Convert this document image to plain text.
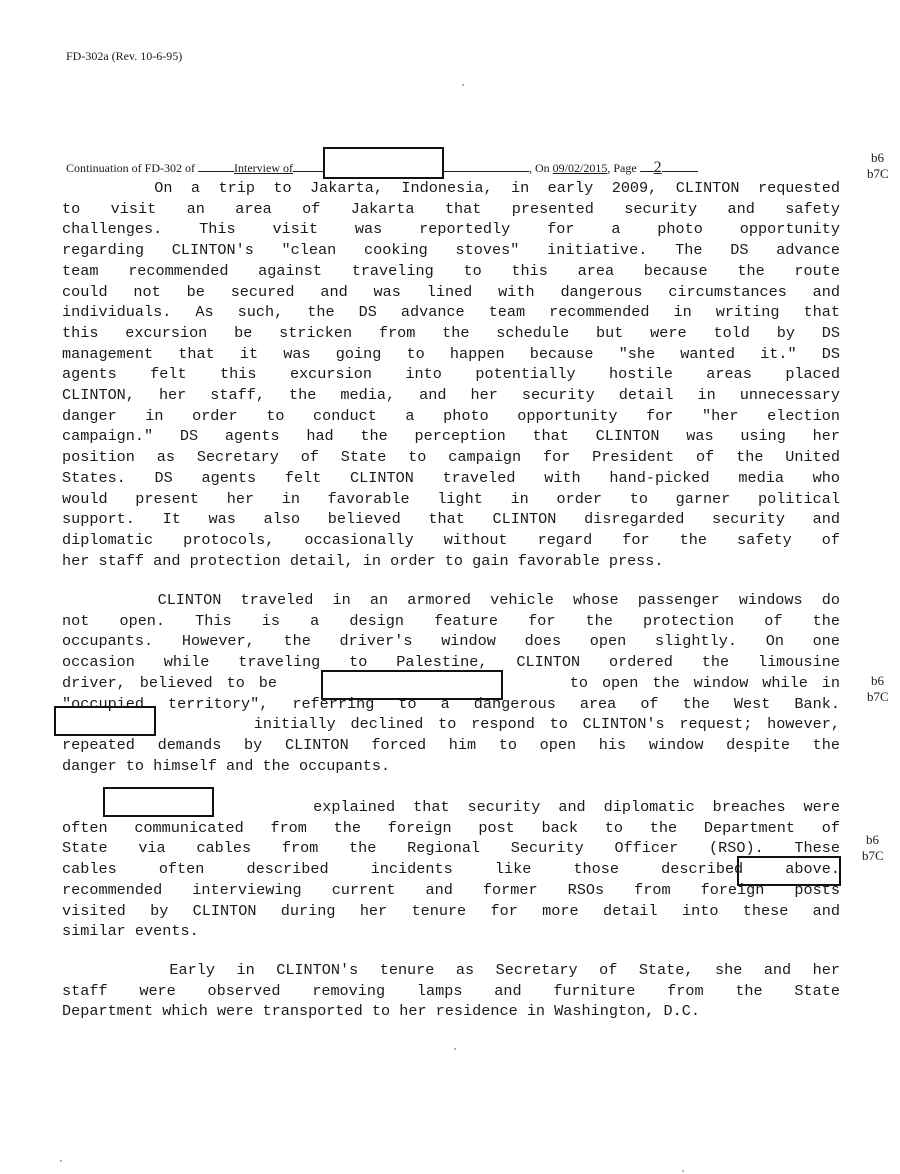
FD-302a (Rev. 10-6-95)
Continuation of FD-302 of	Interview of	, On 09/02/2015, Page 2
b6
b7C
b6
b7C
b6
b7C
On a trip to Jakarta, Indonesia, in early 2009, CLINTON requested
to visit an area of Jakarta that presented security and safety
challenges. This visit was reportedly for a photo opportunity
regarding CLINTON's "clean cooking stoves" initiative. The DS advance
team recommended against traveling to this area because the route
could not be secured and was lined with dangerous circumstances and
individuals. As such, the DS advance team recommended in writing that
this excursion be stricken from the schedule but were told by DS
management that it was going to happen because "she wanted it." DS
agents felt this excursion into potentially hostile areas placed
CLINTON, her staff, the media, and her security detail in unnecessary
danger in order to conduct a photo opportunity for "her election
campaign." DS agents had the perception that CLINTON was using her
position as Secretary of State to campaign for President of the United
States. DS agents felt CLINTON traveled with hand-picked media who
would present her in favorable light in order to garner political
support. It was also believed that CLINTON disregarded security and
diplomatic protocols, occasionally without regard for the safety of
her staff and protection detail, in order to gain favorable press.
CLINTON traveled in an armored vehicle whose passenger windows do
not open. This is a design feature for the protection of the
occupants. However, the driver's window does open slightly. On one
occasion while traveling to Palestine, CLINTON ordered the limousine
driver, believed to be                     to open the window while in
"occupied territory", referring to a dangerous area of the West Bank.
initially declined to respond to CLINTON's request; however,
repeated demands by CLINTON forced him to open his window despite the
danger to himself and the occupants.
explained that security and diplomatic breaches were
often communicated from the foreign post back to the Department of
State via cables from the Regional Security Officer (RSO). These
cables often described incidents like those described above.
recommended interviewing current and former RSOs from foreign posts
visited by CLINTON during her tenure for more detail into these and
similar events.
Early in CLINTON's tenure as Secretary of State, she and her
staff were observed removing lamps and furniture from the State
Department which were transported to her residence in Washington, D.C.
